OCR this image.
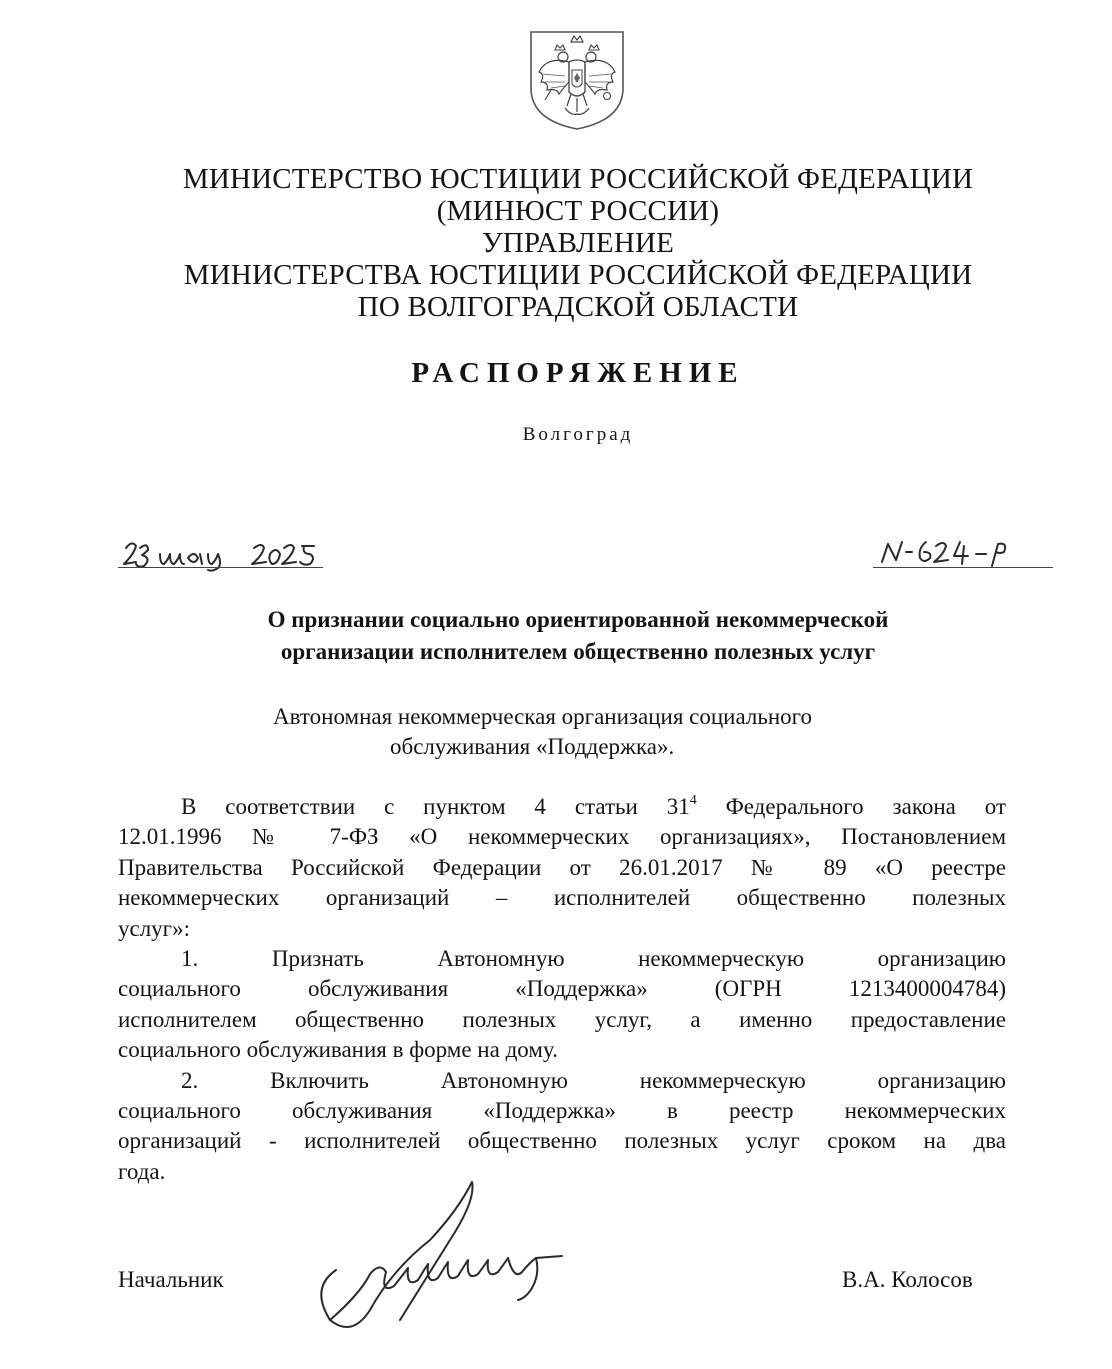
МИНИСТЕРСТВО ЮСТИЦИИ РОССИЙСКОЙ ФЕДЕРАЦИИ
(МИНЮСТ РОССИИ)
УПРАВЛЕНИЕ
МИНИСТЕРСТВА ЮСТИЦИИ РОССИЙСКОЙ ФЕДЕРАЦИИ
ПО ВОЛГОГРАДСКОЙ ОБЛАСТИ
РАСПОРЯЖЕНИЕ
Волгоград
О признании социально ориентированной некоммерческой
организации исполнителем общественно полезных услуг
Автономная некоммерческая организация социального
обслуживания «Поддержка».
В соответствии с пунктом 4 статьи $31^4$ Федерального закона от
12.01.1996 № 7-ФЗ «О некоммерческих организациях», Постановлением
Правительства Российской Федерации от 26.01.2017 № 89 «О реестре
некоммерческих организаций – исполнителей общественно полезных
услуг»:
1. Признать Автономную некоммерческую организацию
социального обслуживания «Поддержка» (ОГРН 1213400004784)
исполнителем общественно полезных услуг, а именно предоставление
социального обслуживания в форме на дому.
2. Включить Автономную некоммерческую организацию
социального обслуживания «Поддержка» в реестр некоммерческих
организаций - исполнителей общественно полезных услуг сроком на два
года.
Начальник	В.А. Колосов
